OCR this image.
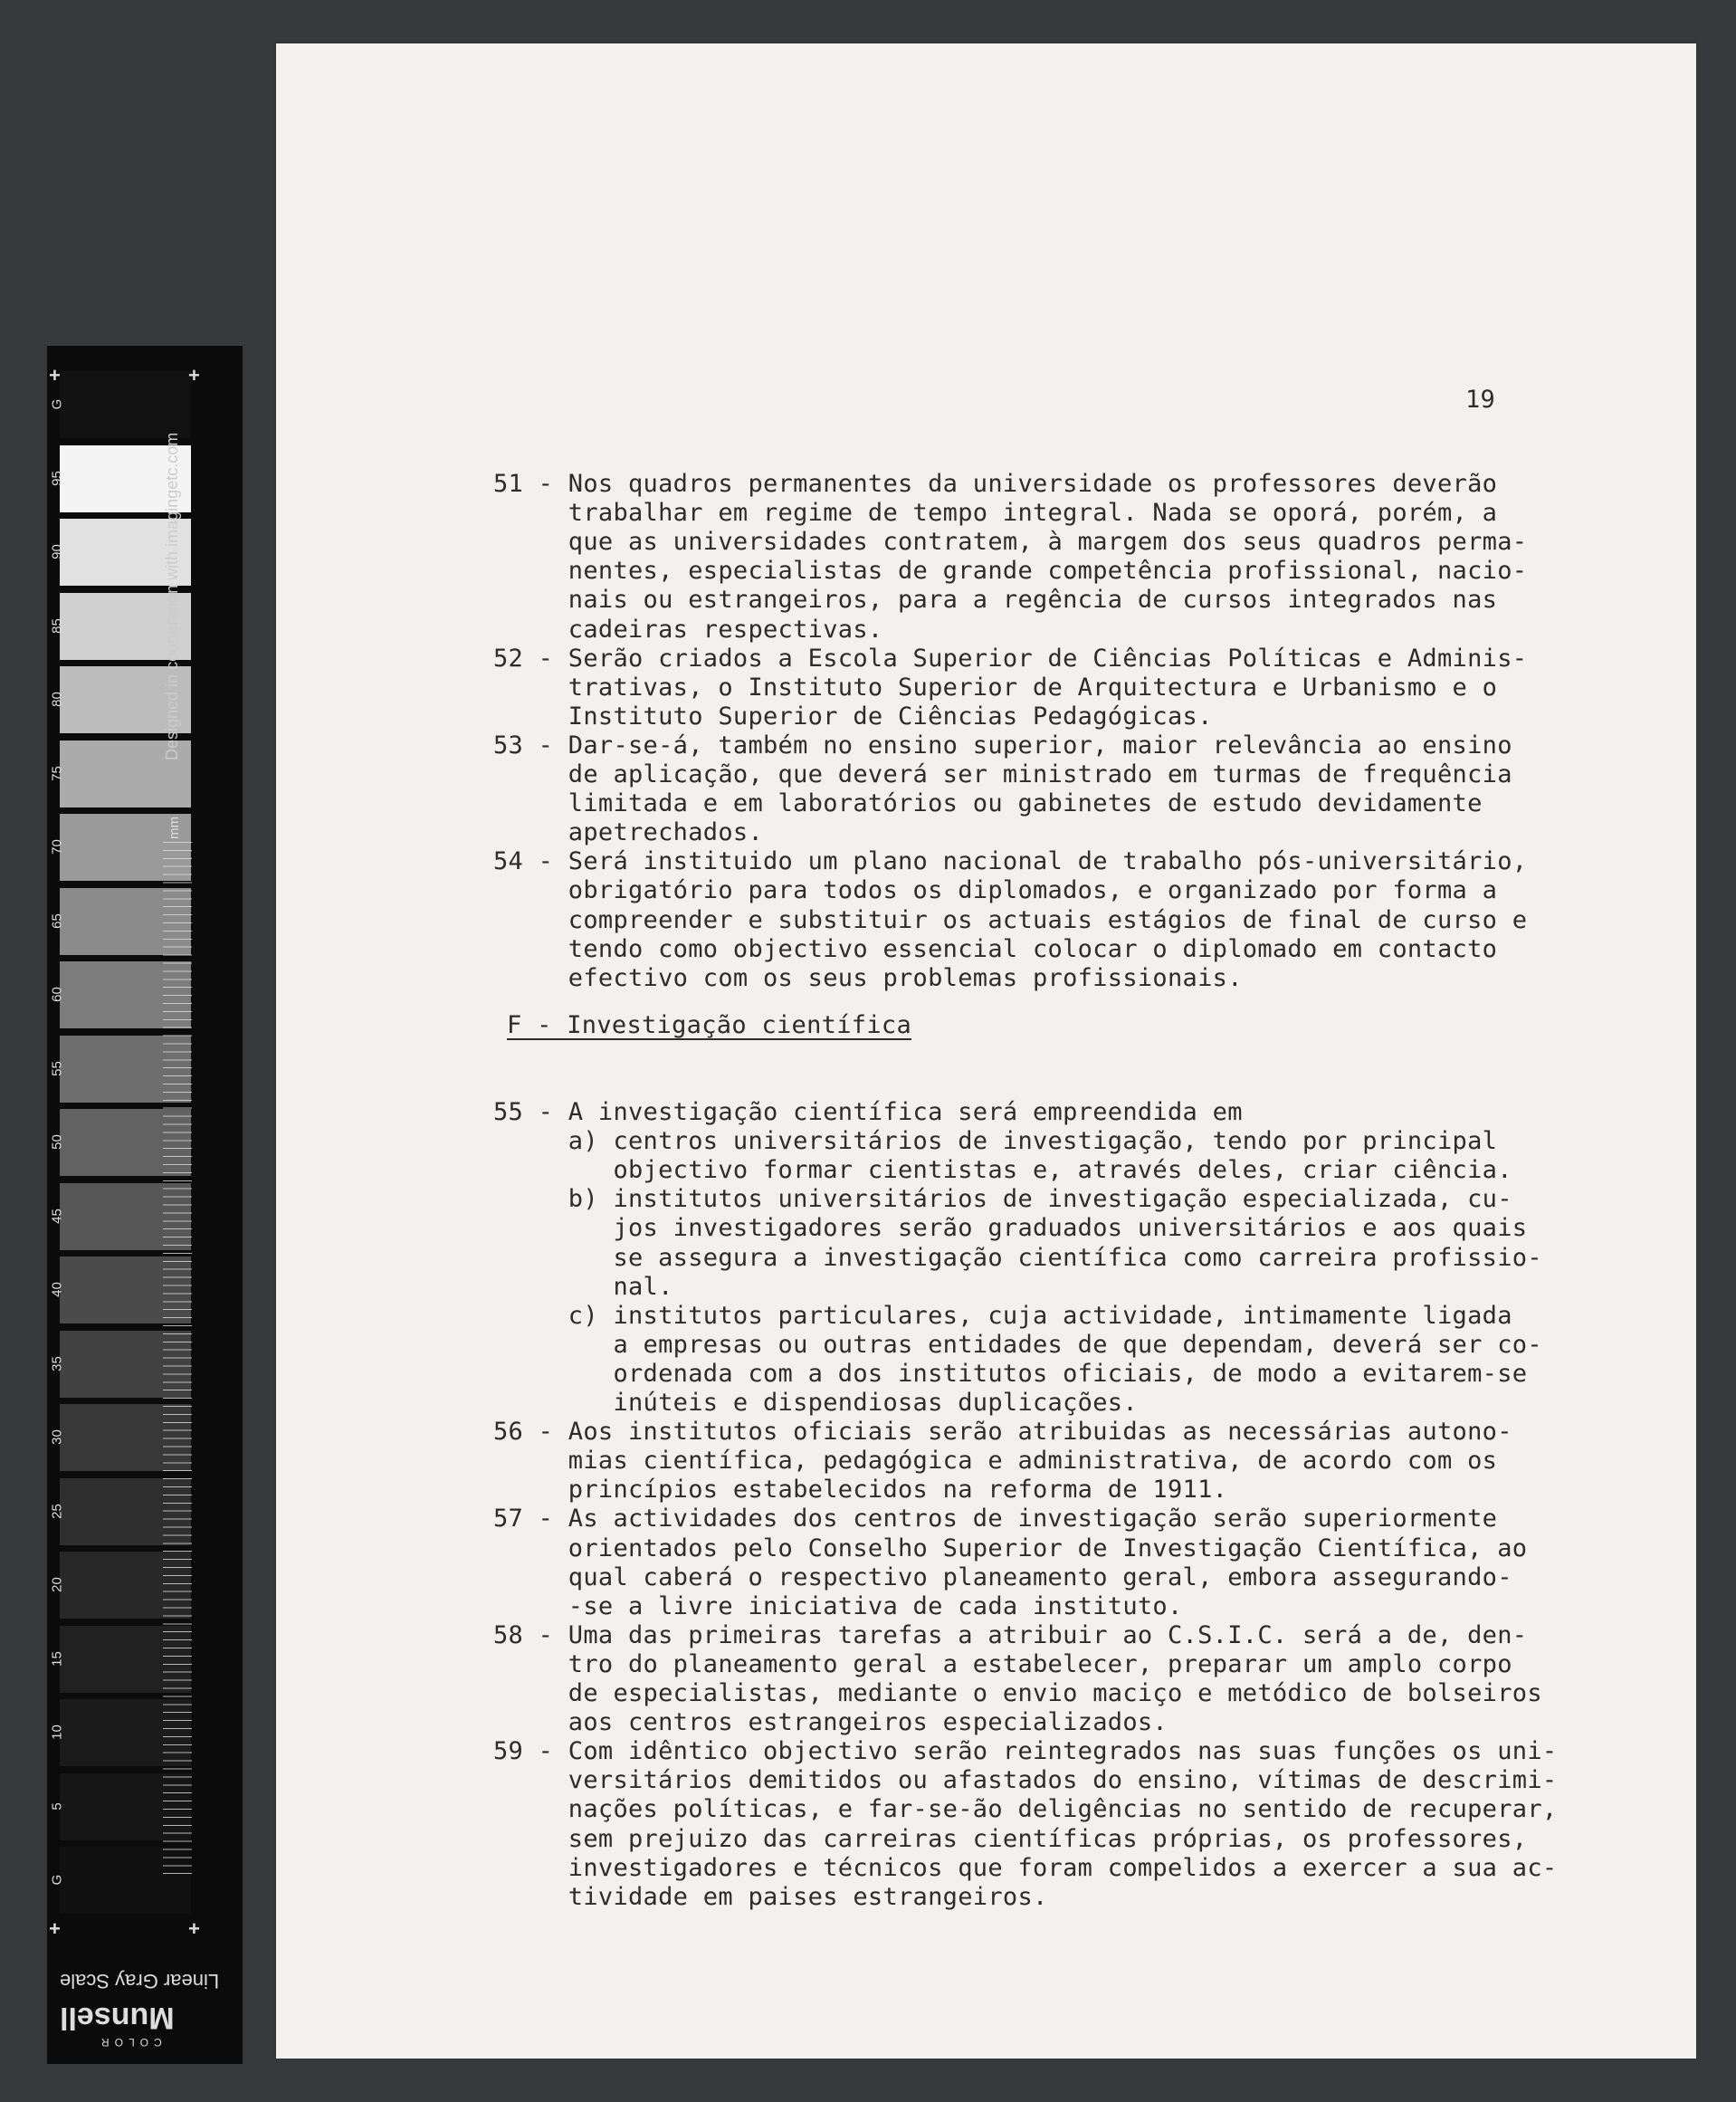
G
95
90
85
80
75
70
65
60
55
50
45
40
35
30
25
20
15
10
5
G
+
+
+	+
Designed in cooperation with imagingetc.com
mm
Linear Gray Scale
Munsell
COLOR
19
F - Investigação científica
51 - Nos quadros permanentes da universidade os professores deverão
trabalhar em regime de tempo integral. Nada se oporá, porém, a
que as universidades contratem, à margem dos seus quadros perma-
nentes, especialistas de grande competência profissional, nacio-
nais ou estrangeiros, para a regência de cursos integrados nas
cadeiras respectivas.
52 - Serão criados a Escola Superior de Ciências Políticas e Adminis-
trativas, o Instituto Superior de Arquitectura e Urbanismo e o
Instituto Superior de Ciências Pedagógicas.
53 - Dar-se-á, também no ensino superior, maior relevância ao ensino
de aplicação, que deverá ser ministrado em turmas de frequência
limitada e em laboratórios ou gabinetes de estudo devidamente
apetrechados.
54 - Será instituido um plano nacional de trabalho pós-universitário,
obrigatório para todos os diplomados, e organizado por forma a
compreender e substituir os actuais estágios de final de curso e
tendo como objectivo essencial colocar o diplomado em contacto
efectivo com os seus problemas profissionais.
55 - A investigação científica será empreendida em
a) centros universitários de investigação, tendo por principal
objectivo formar cientistas e, através deles, criar ciência.
b) institutos universitários de investigação especializada, cu-
jos investigadores serão graduados universitários e aos quais
se assegura a investigação científica como carreira profissio-
nal.
c) institutos particulares, cuja actividade, intimamente ligada
a empresas ou outras entidades de que dependam, deverá ser co-
ordenada com a dos institutos oficiais, de modo a evitarem-se
inúteis e dispendiosas duplicações.
56 - Aos institutos oficiais serão atribuidas as necessárias autono-
mias científica, pedagógica e administrativa, de acordo com os
princípios estabelecidos na reforma de 1911.
57 - As actividades dos centros de investigação serão superiormente
orientados pelo Conselho Superior de Investigação Científica, ao
qual caberá o respectivo planeamento geral, embora assegurando-
-se a livre iniciativa de cada instituto.
58 - Uma das primeiras tarefas a atribuir ao C.S.I.C. será a de, den-
tro do planeamento geral a estabelecer, preparar um amplo corpo
de especialistas, mediante o envio maciço e metódico de bolseiros
aos centros estrangeiros especializados.
59 - Com idêntico objectivo serão reintegrados nas suas funções os uni-
versitários demitidos ou afastados do ensino, vítimas de descrimi-
nações políticas, e far-se-ão deligências no sentido de recuperar,
sem prejuizo das carreiras científicas próprias, os professores,
investigadores e técnicos que foram compelidos a exercer a sua ac-
tividade em paises estrangeiros.
